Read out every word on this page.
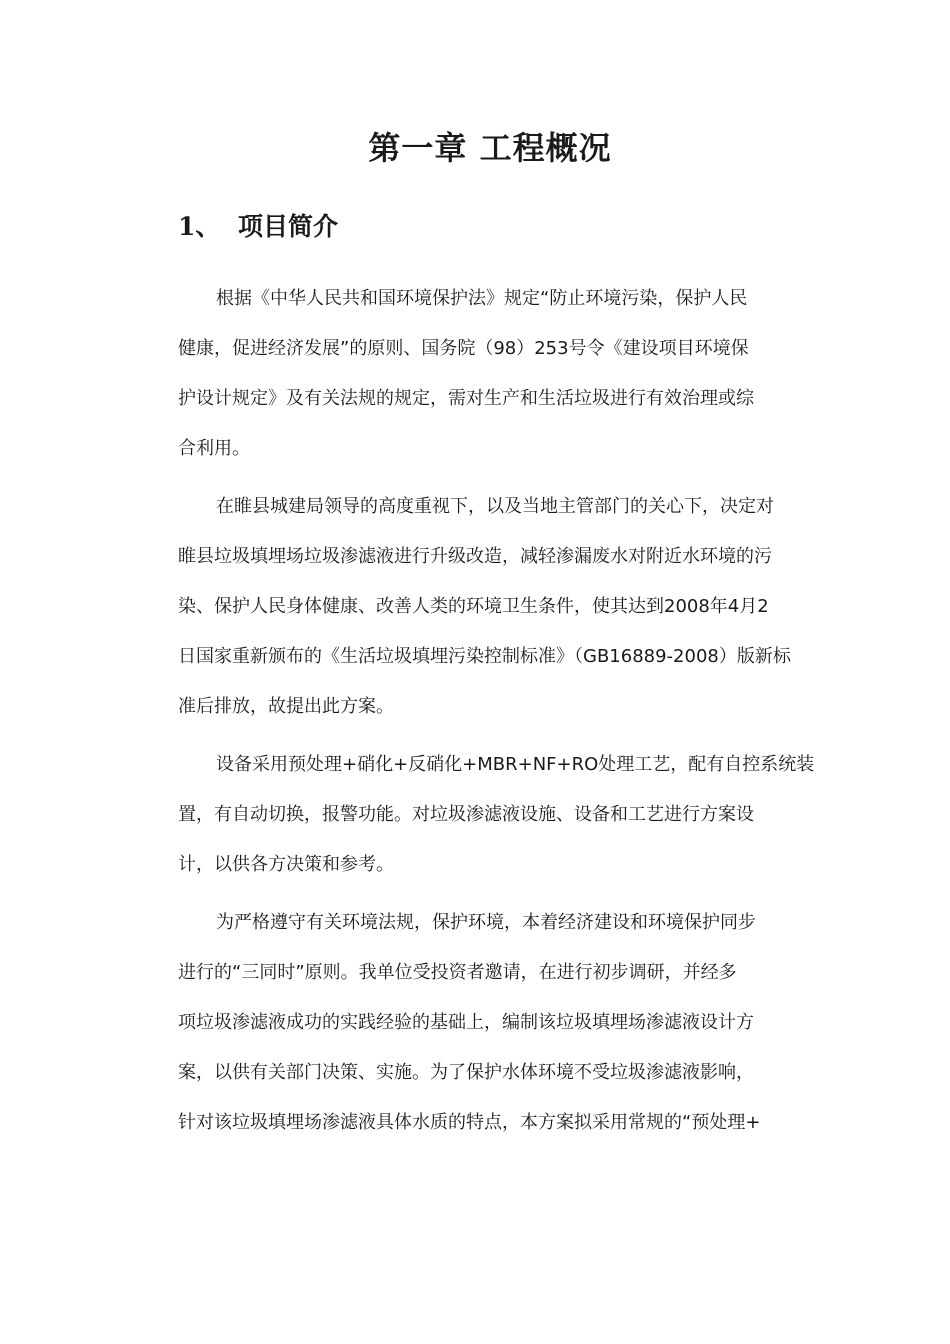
第一章 工程概况
1、 项目简介

根据《中华人民共和国环境保护法》规定“防止环境污染，保护人民
健康，促进经济发展”的原则、国务院（98）253号令《建设项目环境保
护设计规定》及有关法规的规定，需对生产和生活垃圾进行有效治理或综
合利用。

在睢县城建局领导的高度重视下，以及当地主管部门的关心下，决定对
睢县垃圾填埋场垃圾渗滤液进行升级改造，减轻渗漏废水对附近水环境的污
染、保护人民身体健康、改善人类的环境卫生条件，使其达到2008年4月2
日国家重新颁布的《生活垃圾填埋污染控制标准》（GB16889-2008）版新标
准后排放，故提出此方案。

设备采用预处理+硝化+反硝化+MBR+NF+RO处理工艺，配有自控系统装
置，有自动切换，报警功能。对垃圾渗滤液设施、设备和工艺进行方案设
计，以供各方决策和参考。

为严格遵守有关环境法规，保护环境，本着经济建设和环境保护同步
进行的“三同时”原则。我单位受投资者邀请，在进行初步调研，并经多
项垃圾渗滤液成功的实践经验的基础上，编制该垃圾填埋场渗滤液设计方
案，以供有关部门决策、实施。为了保护水体环境不受垃圾渗滤液影响，
针对该垃圾填埋场渗滤液具体水质的特点，本方案拟采用常规的“预处理+
